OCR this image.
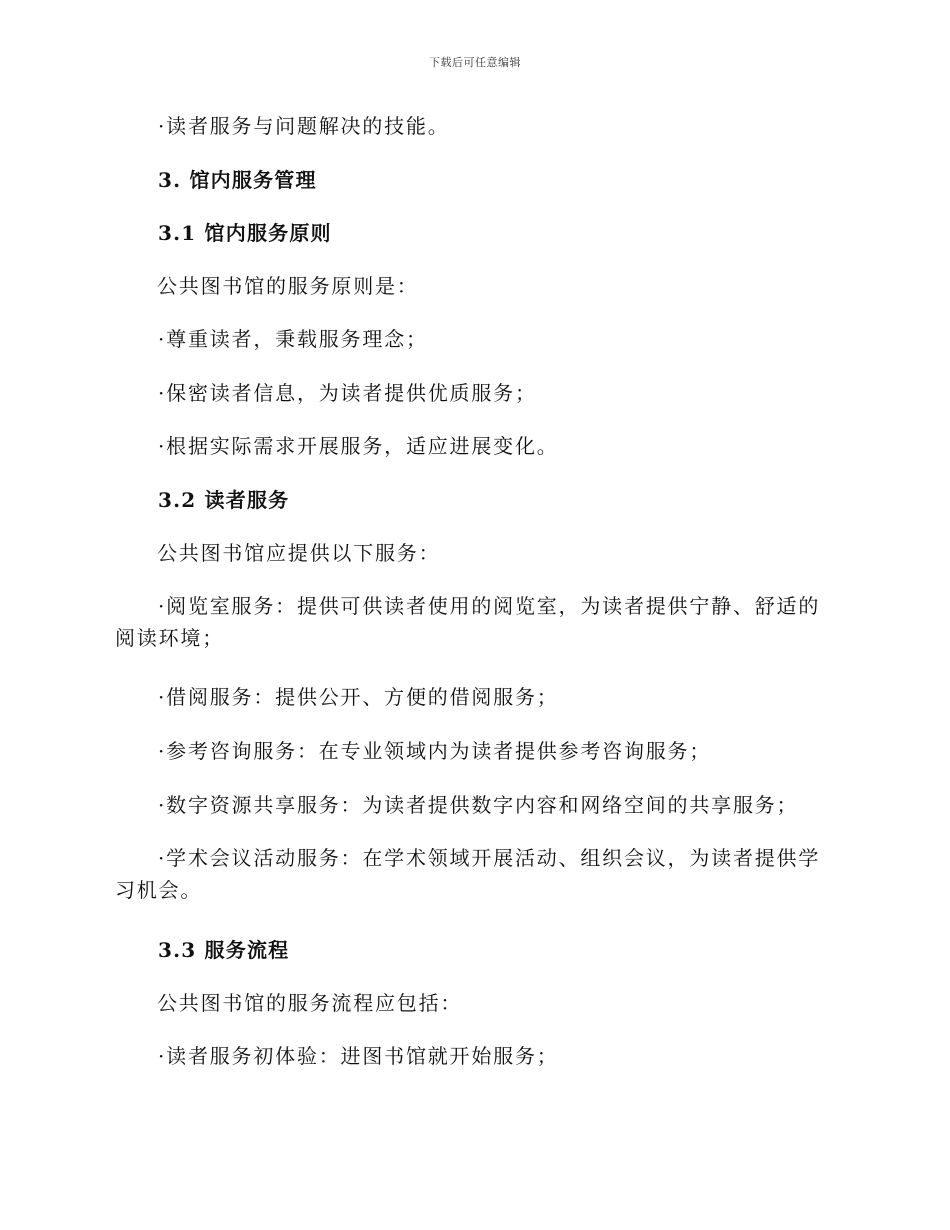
下载后可任意编辑
·读者服务与问题解决的技能。
3. 馆内服务管理
3.1 馆内服务原则
公共图书馆的服务原则是：
·尊重读者，秉载服务理念；
·保密读者信息，为读者提供优质服务；
·根据实际需求开展服务，适应进展变化。
3.2 读者服务
公共图书馆应提供以下服务：
·阅览室服务：提供可供读者使用的阅览室，为读者提供宁静、舒适的阅读环境；
·借阅服务：提供公开、方便的借阅服务；
·参考咨询服务：在专业领域内为读者提供参考咨询服务；
·数字资源共享服务：为读者提供数字内容和网络空间的共享服务；
·学术会议活动服务：在学术领域开展活动、组织会议，为读者提供学习机会。
3.3 服务流程
公共图书馆的服务流程应包括：
·读者服务初体验：进图书馆就开始服务；
